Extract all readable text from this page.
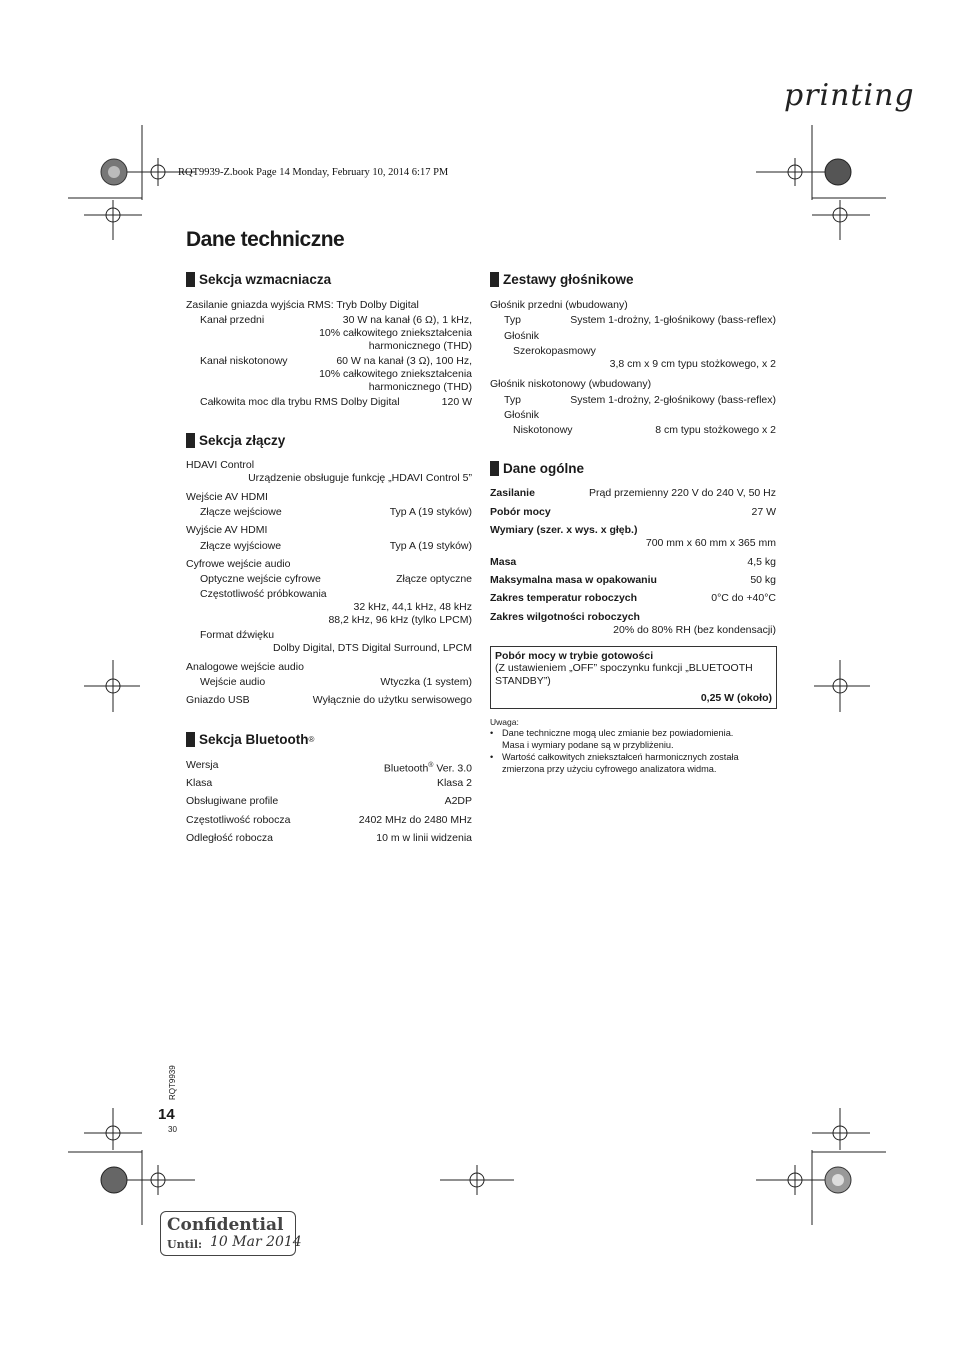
printing
RQT9939-Z.book Page 14 Monday, February 10, 2014 6:17 PM
Dane techniczne
Sekcja wzmacniacza
Zasilanie gniazda wyjścia RMS: Tryb Dolby Digital
Kanał przedni	30 W na kanał (6 Ω), 1 kHz,
10% całkowitego zniekształcenia
harmonicznego (THD)
Kanał niskotonowy	60 W na kanał (3 Ω), 100 Hz,
10% całkowitego zniekształcenia
harmonicznego (THD)
Całkowita moc dla trybu RMS Dolby Digital	120 W
Sekcja złączy
HDAVI Control
Urządzenie obsługuje funkcję „HDAVI Control 5”
Wejście AV HDMI
Złącze wejściowe	Typ A (19 styków)
Wyjście AV HDMI
Złącze wyjściowe	Typ A (19 styków)
Cyfrowe wejście audio
Optyczne wejście cyfrowe	Złącze optyczne
Częstotliwość próbkowania
32 kHz, 44,1 kHz, 48 kHz
88,2 kHz, 96 kHz (tylko LPCM)
Format dźwięku
Dolby Digital, DTS Digital Surround, LPCM
Analogowe wejście audio
Wejście audio	Wtyczka (1 system)
Gniazdo USB	Wyłącznie do użytku serwisowego
Sekcja Bluetooth ®
Wersja	Bluetooth® Ver. 3.0
Klasa	Klasa 2
Obsługiwane profile	A2DP
Częstotliwość robocza	2402 MHz do 2480 MHz
Odległość robocza	10 m w linii widzenia
Zestawy głośnikowe
Głośnik przedni (wbudowany)
Typ	System 1-drożny, 1-głośnikowy (bass-reflex)
Głośnik
Szerokopasmowy
3,8 cm x 9 cm typu stożkowego, x 2
Głośnik niskotonowy (wbudowany)
Typ	System 1-drożny, 2-głośnikowy (bass-reflex)
Głośnik
Niskotonowy	8 cm typu stożkowego x 2
Dane ogólne
Zasilanie	Prąd przemienny 220 V do 240 V, 50 Hz
Pobór mocy	27 W
Wymiary (szer. x wys. x głęb.)
700 mm x 60 mm x 365 mm
Masa	4,5 kg
Maksymalna masa w opakowaniu	50 kg
Zakres temperatur roboczych	0°C do +40°C
Zakres wilgotności roboczych
20% do 80% RH (bez kondensacji)
Pobór mocy w trybie gotowości
(Z ustawieniem „OFF” spoczynku funkcji „BLUETOOTH
STANDBY”)
0,25 W (około)
Uwaga:
• Dane techniczne mogą ulec zmianie bez powiadomienia.
Masa i wymiary podane są w przybliżeniu.
• Wartość całkowitych zniekształceń harmonicznych została
zmierzona przy użyciu cyfrowego analizatora widma.
RQT9939
14
30
Confidential
Until: 10 Mar 2014
